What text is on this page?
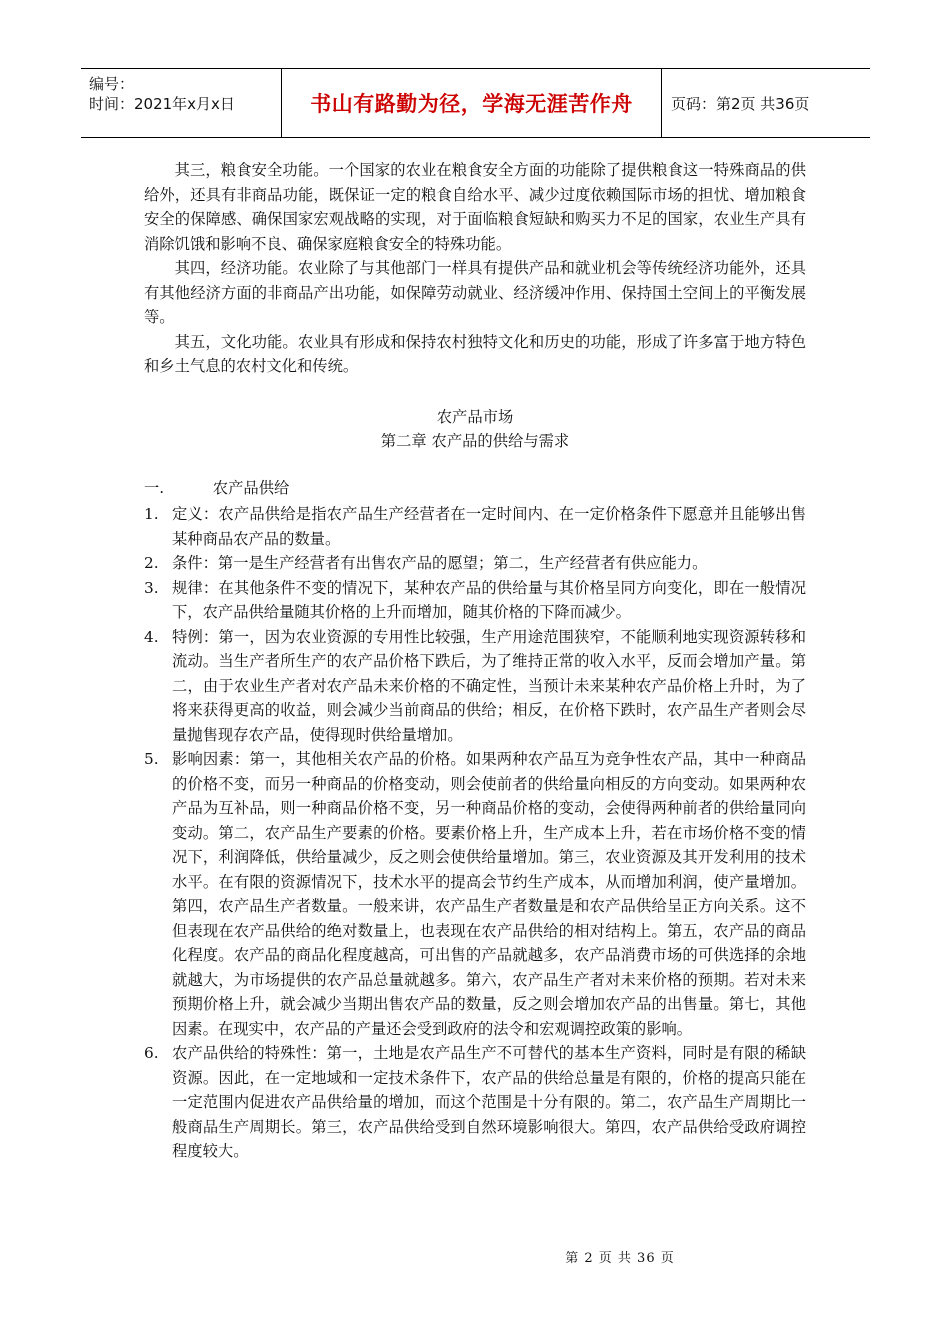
编号：
时间：2021年x月x日	书山有路勤为径，学海无涯苦作舟	页码：第2页 共36页

其三，粮食安全功能。一个国家的农业在粮食安全方面的功能除了提供粮食这一特殊商品的供给外，还具有非商品功能，既保证一定的粮食自给水平、减少过度依赖国际市场的担忧、增加粮食安全的保障感、确保国家宏观战略的实现，对于面临粮食短缺和购买力不足的国家，农业生产具有消除饥饿和影响不良、确保家庭粮食安全的特殊功能。

其四，经济功能。农业除了与其他部门一样具有提供产品和就业机会等传统经济功能外，还具有其他经济方面的非商品产出功能，如保障劳动就业、经济缓冲作用、保持国土空间上的平衡发展等。

其五，文化功能。农业具有形成和保持农村独特文化和历史的功能，形成了许多富于地方特色和乡土气息的农村文化和传统。

农产品市场

第二章 农产品的供给与需求

一.	农产品供给
1. 定义：农产品供给是指农产品生产经营者在一定时间内、在一定价格条件下愿意并且能够出售某种商品农产品的数量。
2. 条件：第一是生产经营者有出售农产品的愿望；第二，生产经营者有供应能力。
3. 规律：在其他条件不变的情况下，某种农产品的供给量与其价格呈同方向变化，即在一般情况下，农产品供给量随其价格的上升而增加，随其价格的下降而减少。
4. 特例：第一，因为农业资源的专用性比较强，生产用途范围狭窄，不能顺利地实现资源转移和流动。当生产者所生产的农产品价格下跌后，为了维持正常的收入水平，反而会增加产量。第二，由于农业生产者对农产品未来价格的不确定性，当预计未来某种农产品价格上升时，为了将来获得更高的收益，则会减少当前商品的供给；相反，在价格下跌时，农产品生产者则会尽量抛售现存农产品，使得现时供给量增加。
5. 影响因素：第一，其他相关农产品的价格。如果两种农产品互为竞争性农产品，其中一种商品的价格不变，而另一种商品的价格变动，则会使前者的供给量向相反的方向变动。如果两种农产品为互补品，则一种商品价格不变，另一种商品价格的变动，会使得两种前者的供给量同向变动。第二，农产品生产要素的价格。要素价格上升，生产成本上升，若在市场价格不变的情况下，利润降低，供给量减少，反之则会使供给量增加。第三，农业资源及其开发利用的技术水平。在有限的资源情况下，技术水平的提高会节约生产成本，从而增加利润，使产量增加。第四，农产品生产者数量。一般来讲，农产品生产者数量是和农产品供给呈正方向关系。这不但表现在农产品供给的绝对数量上，也表现在农产品供给的相对结构上。第五，农产品的商品化程度。农产品的商品化程度越高，可出售的产品就越多，农产品消费市场的可供选择的余地就越大，为市场提供的农产品总量就越多。第六，农产品生产者对未来价格的预期。若对未来预期价格上升，就会减少当期出售农产品的数量，反之则会增加农产品的出售量。第七，其他因素。在现实中，农产品的产量还会受到政府的法令和宏观调控政策的影响。
6. 农产品供给的特殊性：第一，土地是农产品生产不可替代的基本生产资料，同时是有限的稀缺资源。因此，在一定地域和一定技术条件下，农产品的供给总量是有限的，价格的提高只能在一定范围内促进农产品供给量的增加，而这个范围是十分有限的。第二，农产品生产周期比一般商品生产周期长。第三，农产品供给受到自然环境影响很大。第四，农产品供给受政府调控程度较大。
第 2 页 共 36 页
